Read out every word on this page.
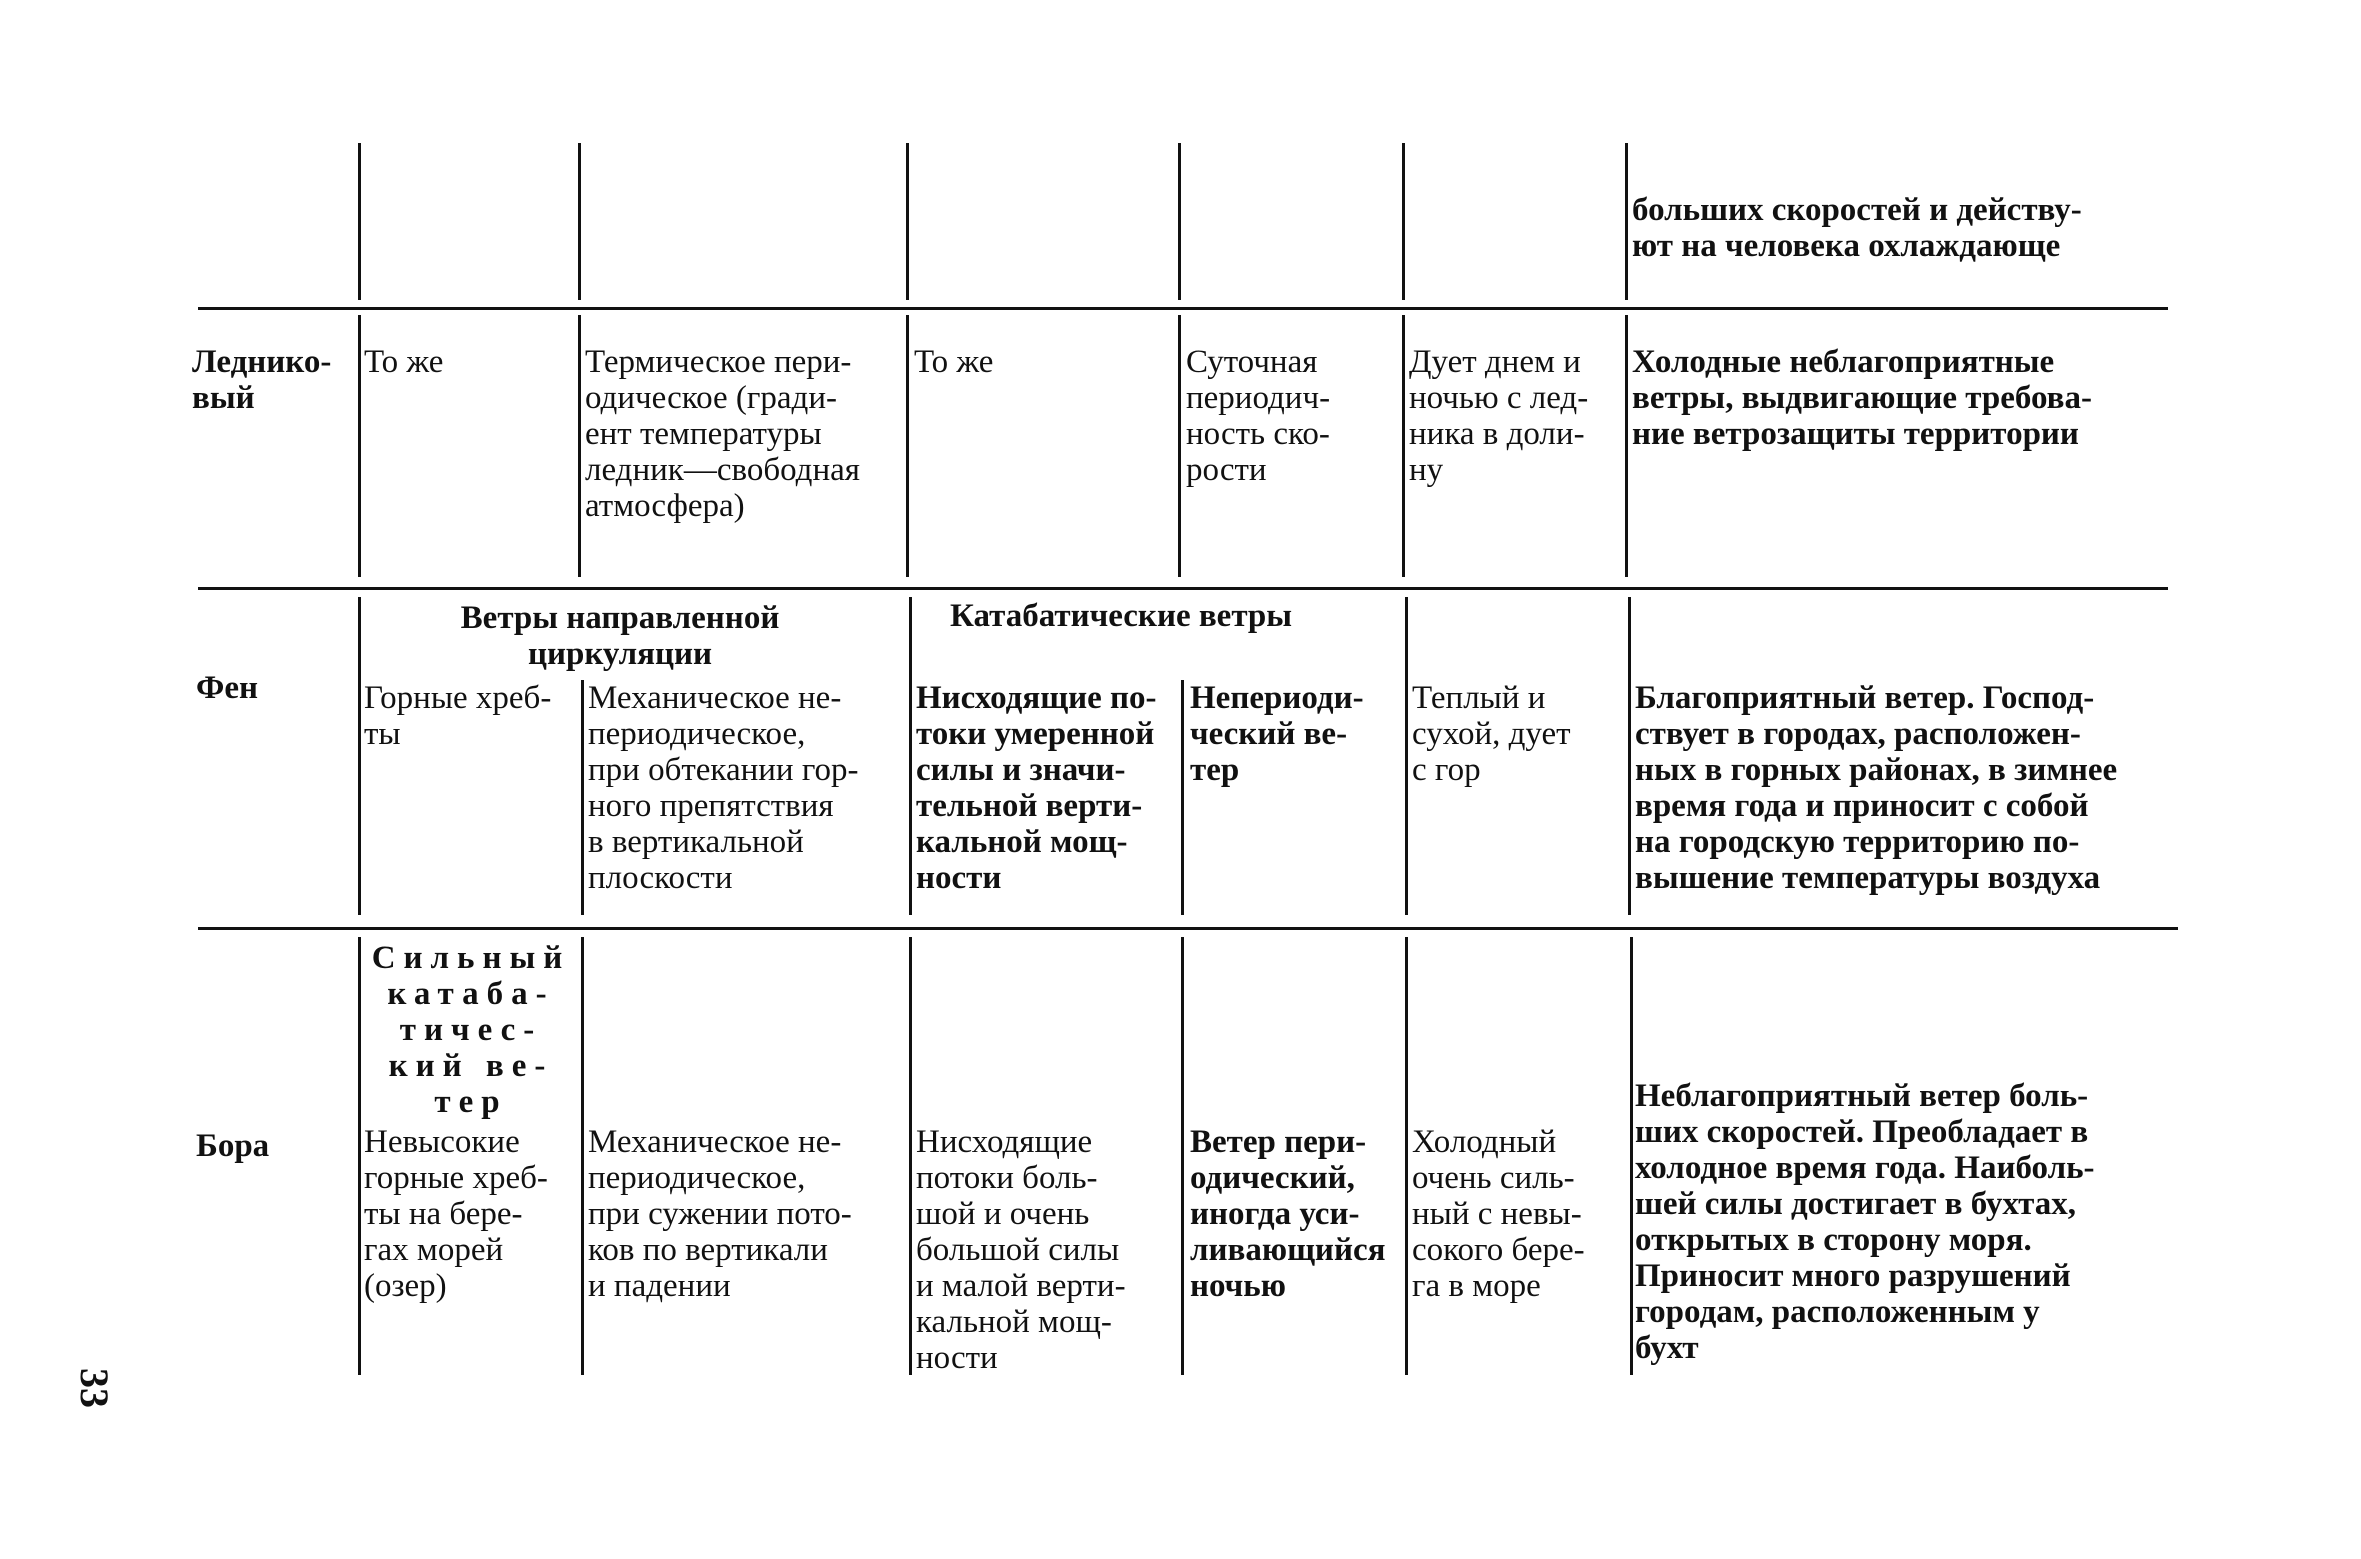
33
больших скоростей и действу-
ют на человека охлаждающе
Леднико-
вый
То же	Термическое пери-
одическое (гради-
ент температуры
ледник—свободная
атмосфера)
То же	Суточная
периодич-
ность ско-
рости
Дует днем и
ночью с лед-
ника в доли-
ну
Холодные неблагоприятные
ветры, выдвигающие требова-
ние ветрозащиты территории
Фен
Ветры направленной
циркуляции
Катабатические ветры
Горные хреб-
ты
Механическое не-
периодическое,
при обтекании гор-
ного препятствия
в вертикальной
плоскости
Нисходящие по-
токи умеренной
силы и значи-
тельной верти-
кальной мощ-
ности
Непериоди-
ческий ве-
тер
Теплый и
сухой, дует
с гор
Благоприятный ветер. Господ-
ствует в городах, расположен-
ных в горных районах, в зимнее
время года и приносит с собой
на городскую территорию по-
вышение температуры воздуха
Бора
Сильный
катаба-
тичес-
кий ве-
тер
Невысокие
горные хреб-
ты на бере-
гах морей
(озер)
Механическое не-
периодическое,
при сужении пото-
ков по вертикали
и падении
Нисходящие
потоки боль-
шой и очень
большой силы
и малой верти-
кальной мощ-
ности
Ветер пери-
одический,
иногда уси-
ливающийся
ночью
Холодный
очень силь-
ный с невы-
сокого бере-
га в море
Неблагоприятный ветер боль-
ших скоростей. Преобладает в
холодное время года. Наиболь-
шей силы достигает в бухтах,
открытых в сторону моря.
Приносит много разрушений
городам, расположенным у
бухт
